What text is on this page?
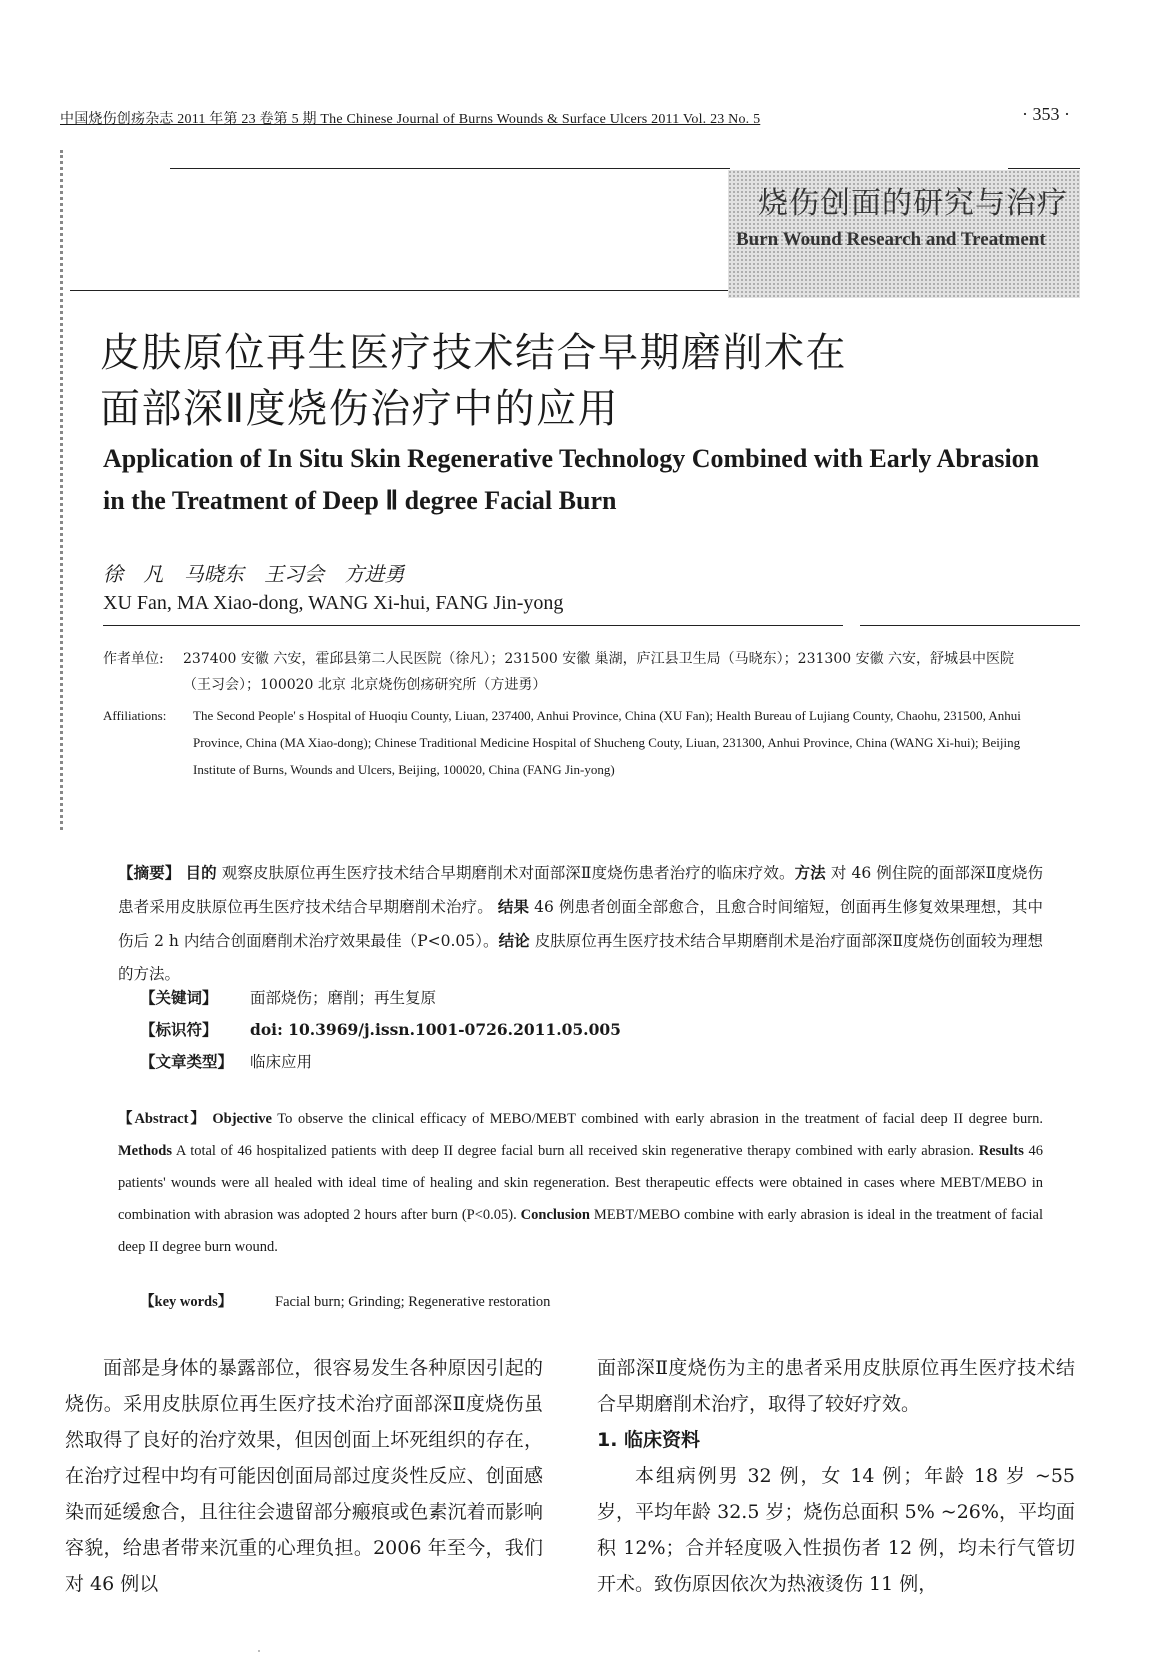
中国烧伤创疡杂志 2011 年第 23 卷第 5 期 The Chinese Journal of Burns Wounds & Surface Ulcers 2011 Vol. 23 No. 5	· 353 ·
烧伤创面的研究与治疗
Burn Wound Research and Treatment
皮肤原位再生医疗技术结合早期磨削术在
面部深Ⅱ度烧伤治疗中的应用
Application of In Situ Skin Regenerative Technology Combined with Early Abrasion in the Treatment of Deep Ⅱ degree Facial Burn
徐 凡 马晓东 王习会 方进勇
XU Fan, MA Xiao-dong, WANG Xi-hui, FANG Jin-yong
作者单位: 237400 安徽 六安，霍邱县第二人民医院（徐凡）；231500 安徽 巢湖，庐江县卫生局（马晓东）；231300 安徽 六安，舒城县中医院（王习会）；100020 北京 北京烧伤创疡研究所（方进勇）
Affiliations: The Second People' s Hospital of Huoqiu County, Liuan, 237400, Anhui Province, China (XU Fan); Health Bureau of Lujiang County, Chaohu, 231500, Anhui Province, China (MA Xiao-dong); Chinese Traditional Medicine Hospital of Shucheng Couty, Liuan, 231300, Anhui Province, China (WANG Xi-hui); Beijing Institute of Burns, Wounds and Ulcers, Beijing, 100020, China (FANG Jin-yong)
【摘要】 目的 观察皮肤原位再生医疗技术结合早期磨削术对面部深Ⅱ度烧伤患者治疗的临床疗效。方法 对 46 例住院的面部深Ⅱ度烧伤患者采用皮肤原位再生医疗技术结合早期磨削术治疗。 结果 46 例患者创面全部愈合，且愈合时间缩短，创面再生修复效果理想，其中伤后 2 h 内结合创面磨削术治疗效果最佳（P<0.05）。结论 皮肤原位再生医疗技术结合早期磨削术是治疗面部深Ⅱ度烧伤创面较为理想的方法。
【关键词】 面部烧伤；磨削；再生复原
【标识符】 doi: 10.3969/j.issn.1001-0726.2011.05.005
【文章类型】 临床应用
【Abstract】 Objective To observe the clinical efficacy of MEBO/MEBT combined with early abrasion in the treatment of facial deep II degree burn. Methods A total of 46 hospitalized patients with deep II degree facial burn all received skin regenerative therapy combined with early abrasion. Results 46 patients' wounds were all healed with ideal time of healing and skin regeneration. Best therapeutic effects were obtained in cases where MEBT/MEBO in combination with abrasion was adopted 2 hours after burn (P<0.05). Conclusion MEBT/MEBO combine with early abrasion is ideal in the treatment of facial deep II degree burn wound.
【key words】	Facial burn; Grinding; Regenerative restoration

面部是身体的暴露部位，很容易发生各种原因引起的烧伤。采用皮肤原位再生医疗技术治疗面部深Ⅱ度烧伤虽然取得了良好的治疗效果，但因创面上坏死组织的存在，在治疗过程中均有可能因创面局部过度炎性反应、创面感染而延缓愈合，且往往会遗留部分瘢痕或色素沉着而影响容貌，给患者带来沉重的心理负担。2006 年至今，我们对 46 例以

面部深Ⅱ度烧伤为主的患者采用皮肤原位再生医疗技术结合早期磨削术治疗，取得了较好疗效。

1. 临床资料

本组病例男 32 例，女 14 例；年龄 18 岁 ~55 岁，平均年龄 32.5 岁；烧伤总面积 5% ~26%，平均面积 12%；合并轻度吸入性损伤者 12 例，均未行气管切开术。致伤原因依次为热液烫伤 11 例，
